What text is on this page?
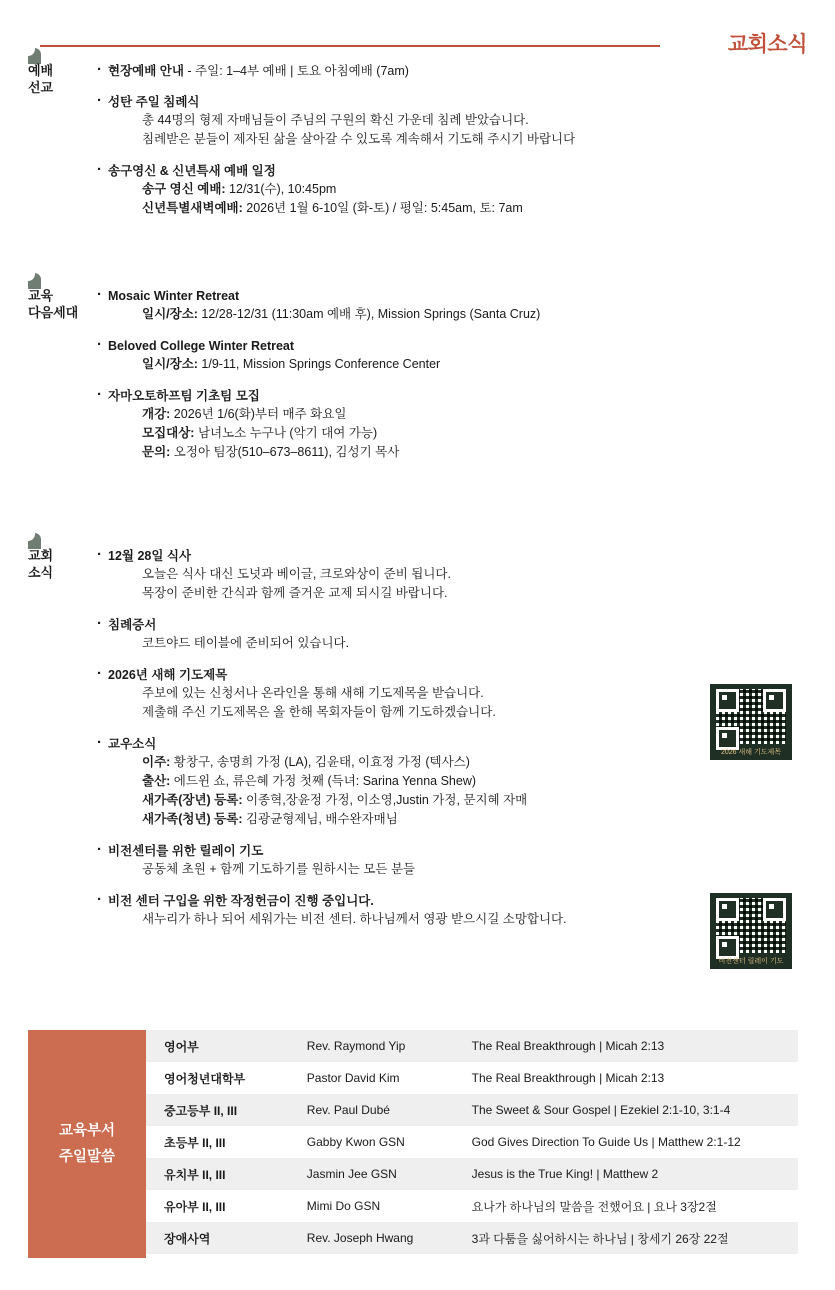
교회소식
예배
선교
· 현장예배 안내 - 주일: 1–4부 예배 | 토요 아침예배 (7am)
· 성탄 주일 침례식
총 44명의 형제 자매님들이 주님의 구원의 확신 가운데 침례 받았습니다.
침례받은 분들이 제자된 삶을 살아갈 수 있도록 계속해서 기도해 주시기 바랍니다
· 송구영신 & 신년특새 예배 일정
송구 영신 예배: 12/31(수), 10:45pm
신년특별새벽예배: 2026년 1월 6-10일 (화-토) / 평일: 5:45am, 토: 7am
교육
다음세대
· Mosaic Winter Retreat
일시/장소: 12/28-12/31 (11:30am 예배 후), Mission Springs (Santa Cruz)
· Beloved College Winter Retreat
일시/장소: 1/9-11, Mission Springs Conference Center
· 자마오토하프팀 기초팀 모집
개강: 2026년 1/6(화)부터 매주 화요일
모집대상: 남녀노소 누구나 (악기 대여 가능)
문의: 오정아 팀장(510–673–8611), 김성기 목사
교회
소식
· 12월 28일 식사
오늘은 식사 대신 도넛과 베이글, 크로와상이 준비 됩니다.
목장이 준비한 간식과 함께 즐거운 교제 되시길 바랍니다.
· 침례증서
코트야드 테이블에 준비되어 있습니다.
· 2026년 새해 기도제목
주보에 있는 신청서나 온라인을 통해 새해 기도제목을 받습니다.
제출해 주신 기도제목은 올 한해 목회자들이 함께 기도하겠습니다.
· 교우소식
이주: 황창구, 송명희 가정 (LA), 김윤태, 이효정 가정 (텍사스)
출산: 에드윈 쇼, 류은혜 가정 첫째 (득녀: Sarina Yenna Shew)
새가족(장년) 등록: 이종혁,장윤정 가정, 이소영,Justin 가정, 문지혜 자매
새가족(청년) 등록: 김광균형제님, 배수완자매님
· 비전센터를 위한 릴레이 기도
공동체 초원 + 함께 기도하기를 원하시는 모든 분들
· 비전 센터 구입을 위한 작정헌금이 진행 중입니다.
새누리가 하나 되어 세워가는 비전 센터. 하나님께서 영광 받으시길 소망합니다.
2026 새해 기도제목
비전센터 릴레이 기도
교육부서
주일말씀
영어부	Rev. Raymond Yip	The Real Breakthrough | Micah 2:13
영어청년대학부	Pastor David Kim	The Real Breakthrough | Micah 2:13
중고등부 II, III	Rev. Paul Dubé	The Sweet & Sour Gospel | Ezekiel 2:1-10, 3:1-4
초등부 II, III	Gabby Kwon GSN	God Gives Direction To Guide Us | Matthew 2:1-12
유치부 II, III	Jasmin Jee GSN	Jesus is the True King! | Matthew 2
유아부 II, III	Mimi Do GSN	요나가 하나님의 말씀을 전했어요 | 요나 3장2절
장애사역	Rev. Joseph Hwang	3과 다툼을 싫어하시는 하나님 | 창세기 26장 22절
